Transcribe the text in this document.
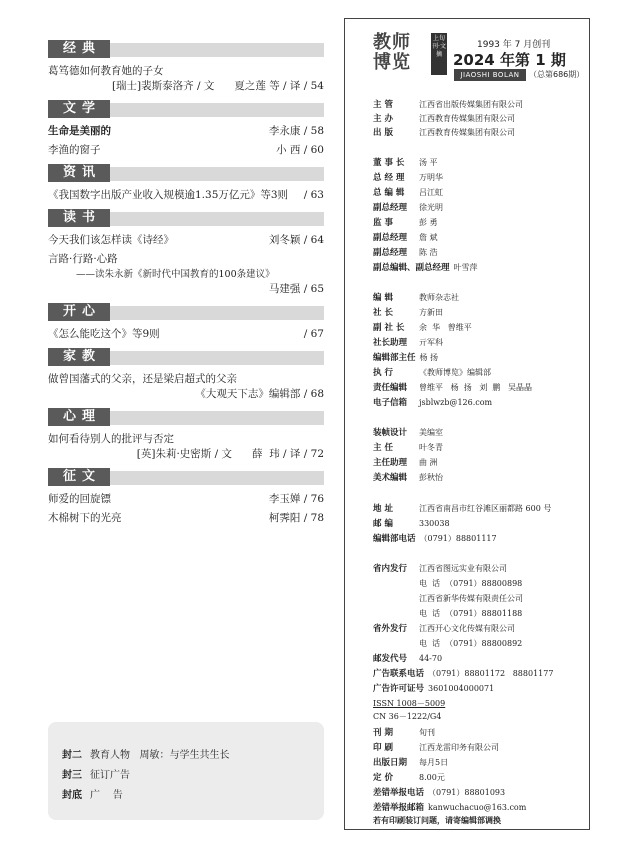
经典
葛笃德如何教育她的子女
[瑞士]裴斯泰洛齐 / 文      夏之莲 等 / 译 / 54
文学
生命是美丽的	李永康 / 58
李渔的窗子	小 西 / 60
资讯
《我国数字出版产业收入规模逾1.35万亿元》等3则 / 63
读书
今天我们该怎样读《诗经》	刘冬颖 / 64
言路·行路·心路
——读朱永新《新时代中国教育的100条建议》
马建强 / 65
开心
《怎么能吃这个》等9则	/ 67
家教
做曾国藩式的父亲，还是梁启超式的父亲
《大观天下志》编辑部 / 68
心理
如何看待别人的批评与否定
[英]朱莉·史密斯 / 文      薛  玮 / 译 / 72
征文
师爱的回旋镖	李玉婵 / 76
木棉树下的光亮	柯霁阳 / 78
封二 教育人物   周敏：与学生共生长
封三 征订广告
封底 广    告
教师
博览
上旬刊·文摘
1993 年 7 月创刊
2024 年第 1 期
JIAOSHI BOLAN	（总第686期）
主 管	江西省出版传媒集团有限公司
主 办	江西教育传媒集团有限公司
出 版	江西教育传媒集团有限公司
董 事 长 汤 平
总 经 理 万明华
总 编 辑 吕江虹
副总经理 徐光明
监 事	彭 勇
副总经理 詹 斌
副总经理 陈 浩
副总编辑、副总经理 叶雪萍
编 辑	教师杂志社
社 长	方新田
副 社 长 余  华   曾维平
社长助理 亓军科
编辑部主任 杨 扬
执 行	《教师博览》编辑部
责任编辑 曾维平   杨  扬   刘  鹏   吴晶晶
电子信箱 jsblwzb@126.com
装帧设计 美编室
主 任	叶冬青
主任助理 曲 洲
美术编辑 彭秋怡
地 址	江西省南昌市红谷滩区丽都路 600 号
邮 编	330038
编辑部电话 （0791）88801117
省内发行 江西省图远实业有限公司
电  话  （0791）88800898
江西省新华传媒有限责任公司
电  话  （0791）88801188
省外发行 江西开心文化传媒有限公司
电  话  （0791）88800892
邮发代号 44-70
广告联系电话 （0791）88801172   88801177
广告许可证号 3601004000071
ISSN 1008－5009
CN 36－1222/G4
刊 期	旬刊
印 刷	江西龙雷印务有限公司
出版日期 每月5日
定 价	8.00元
差错举报电话 （0791）88801093
差错举报邮箱 kanwuchacuo@163.com
若有印刷装订问题，请寄编辑部调换
